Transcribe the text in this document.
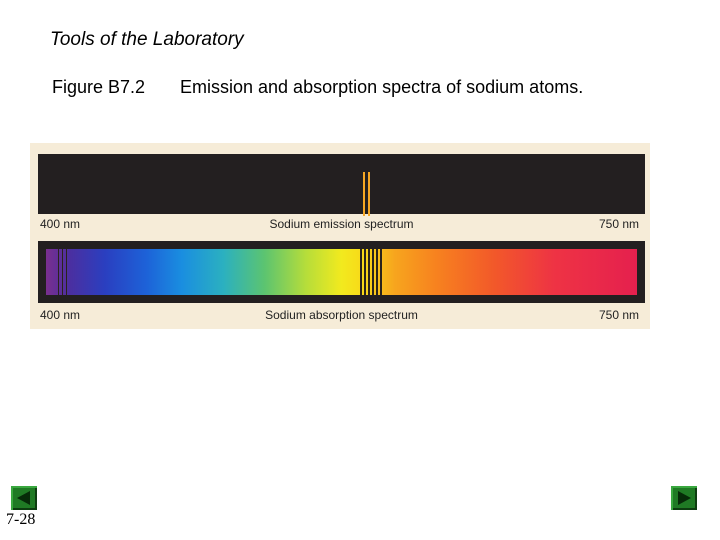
Tools of the Laboratory
Figure B7.2 Emission and absorption spectra of sodium atoms.
400 nm	Sodium emission spectrum	750 nm
400 nm	Sodium absorption spectrum	750 nm
7-28
